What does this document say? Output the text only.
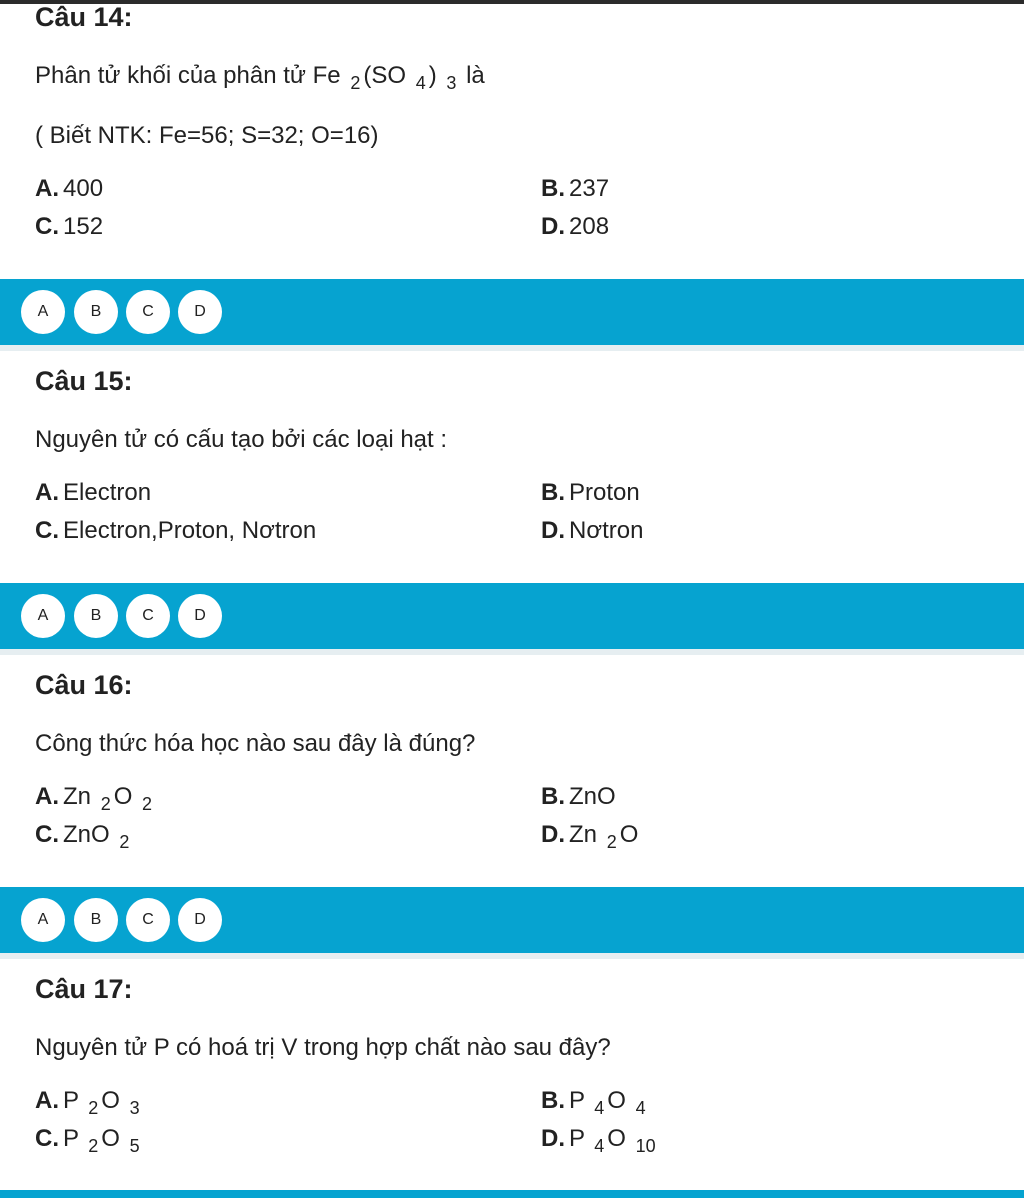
Câu 14:
Phân tử khối của phân tử Fe $_2$ (SO $_4$ ) $_3$ là
( Biết NTK: Fe=56; S=32; O=16)
A. 400	B. 237
C. 152	D. 208
A	B	C	D
Câu 15:
Nguyên tử có cấu tạo bởi các loại hạt :
A. Electron	B. Proton
C. Electron,Proton, Nơtron	D. Nơtron
A	B	C	D
Câu 16:
Công thức hóa học nào sau đây là đúng?
A. Zn $_2$ O $_2$	B. ZnO
C. ZnO $_2$	D. Zn $_2$ O
A	B	C	D
Câu 17:
Nguyên tử P có hoá trị V trong hợp chất nào sau đây?
A. P $_2$ O $_3$	B. P $_4$ O $_4$
C. P $_2$ O $_5$	D. P $_4$ O $_{10}$
